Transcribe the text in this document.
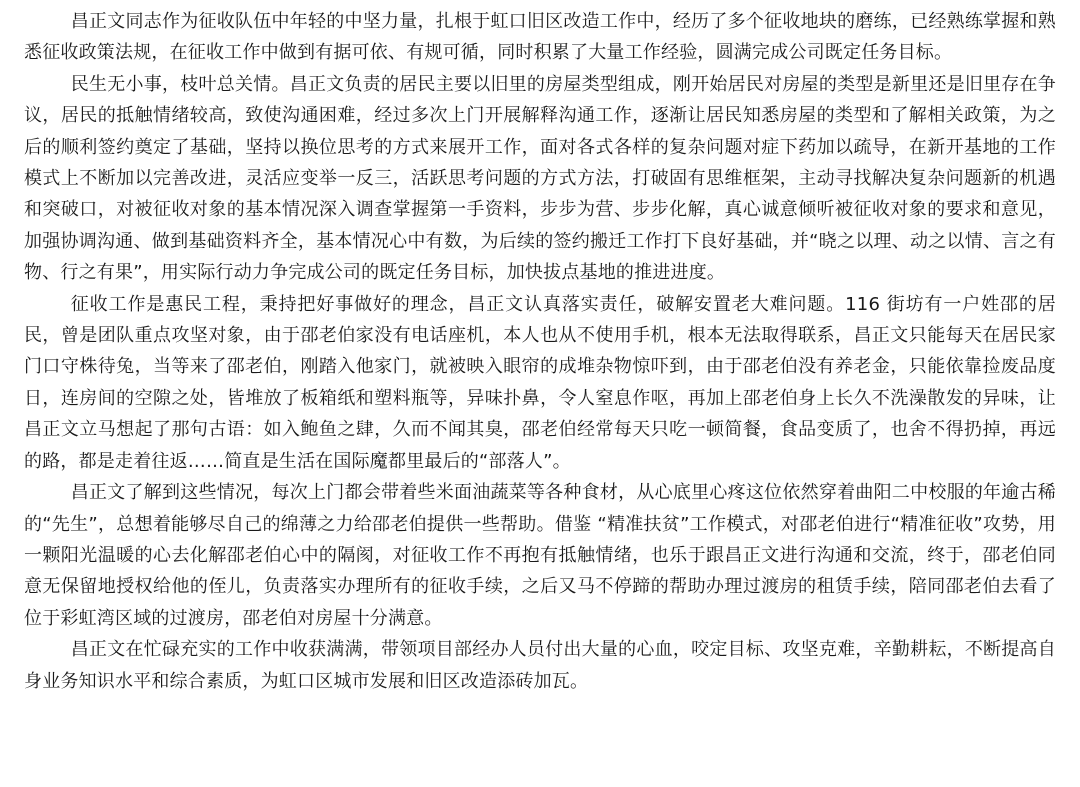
昌正文同志作为征收队伍中年轻的中坚力量，扎根于虹口旧区改造工作中，经历了多个征收地块的磨练，已经熟练掌握和熟悉征收政策法规，在征收工作中做到有据可依、有规可循，同时积累了大量工作经验，圆满完成公司既定任务目标。

民生无小事，枝叶总关情。昌正文负责的居民主要以旧里的房屋类型组成，刚开始居民对房屋的类型是新里还是旧里存在争议，居民的抵触情绪较高，致使沟通困难，经过多次上门开展解释沟通工作，逐渐让居民知悉房屋的类型和了解相关政策，为之后的顺利签约奠定了基础，坚持以换位思考的方式来展开工作，面对各式各样的复杂问题对症下药加以疏导，在新开基地的工作模式上不断加以完善改进，灵活应变举一反三，活跃思考问题的方式方法，打破固有思维框架，主动寻找解决复杂问题新的机遇和突破口，对被征收对象的基本情况深入调查掌握第一手资料，步步为营、步步化解，真心诚意倾听被征收对象的要求和意见，加强协调沟通、做到基础资料齐全，基本情况心中有数，为后续的签约搬迁工作打下良好基础，并“晓之以理、动之以情、言之有物、行之有果”，用实际行动力争完成公司的既定任务目标，加快拔点基地的推进进度。

征收工作是惠民工程，秉持把好事做好的理念，昌正文认真落实责任，破解安置老大难问题。116 街坊有一户姓邵的居民，曾是团队重点攻坚对象，由于邵老伯家没有电话座机，本人也从不使用手机，根本无法取得联系，昌正文只能每天在居民家门口守株待兔，当等来了邵老伯，刚踏入他家门，就被映入眼帘的成堆杂物惊吓到，由于邵老伯没有养老金，只能依靠捡废品度日，连房间的空隙之处，皆堆放了板箱纸和塑料瓶等，异味扑鼻，令人窒息作呕，再加上邵老伯身上长久不洗澡散发的异味，让昌正文立马想起了那句古语：如入鲍鱼之肆，久而不闻其臭，邵老伯经常每天只吃一顿简餐，食品变质了，也舍不得扔掉，再远的路，都是走着往返……简直是生活在国际魔都里最后的“部落人”。

昌正文了解到这些情况，每次上门都会带着些米面油蔬菜等各种食材，从心底里心疼这位依然穿着曲阳二中校服的年逾古稀的“先生”，总想着能够尽自己的绵薄之力给邵老伯提供一些帮助。借鉴 “精准扶贫”工作模式，对邵老伯进行“精准征收”攻势，用一颗阳光温暖的心去化解邵老伯心中的隔阂，对征收工作不再抱有抵触情绪，也乐于跟昌正文进行沟通和交流，终于，邵老伯同意无保留地授权给他的侄儿，负责落实办理所有的征收手续，之后又马不停蹄的帮助办理过渡房的租赁手续，陪同邵老伯去看了位于彩虹湾区域的过渡房，邵老伯对房屋十分满意。

昌正文在忙碌充实的工作中收获满满，带领项目部经办人员付出大量的心血，咬定目标、攻坚克难，辛勤耕耘，不断提高自身业务知识水平和综合素质，为虹口区城市发展和旧区改造添砖加瓦。
